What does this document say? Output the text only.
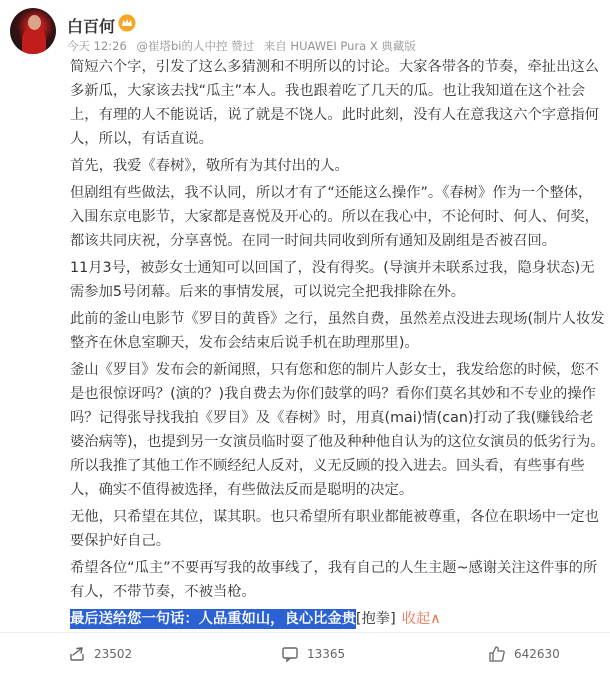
白百何
今天 12:26 @崔塔bi的人中控 赞过 来自 HUAWEI Pura X 典藏版

简短六个字，引发了这么多猜测和不明所以的讨论。大家各带各的节奏，牵扯出这么多新瓜，大家该去找“瓜主”本人。我也跟着吃了几天的瓜。也让我知道在这个社会上，有理的人不能说话，说了就是不饶人。此时此刻，没有人在意我这六个字意指何人，所以，有话直说。

首先，我爱《春树》，敬所有为其付出的人。

但剧组有些做法，我不认同，所以才有了“还能这么操作”。《春树》作为一个整体，入围东京电影节，大家都是喜悦及开心的。所以在我心中，不论何时、何人、何奖，都该共同庆祝，分享喜悦。在同一时间共同收到所有通知及剧组是否被召回。

11月3号，被彭女士通知可以回国了，没有得奖。(导演并未联系过我，隐身状态)无需参加5号闭幕。后来的事情发展，可以说完全把我排除在外。

此前的釜山电影节《罗目的黄昏》之行，虽然自费，虽然差点没进去现场(制片人妆发整齐在休息室聊天，发布会结束后说手机在助理那里)。

釜山《罗目》发布会的新闻照，只有您和您的制片人彭女士，我发给您的时候，您不是也很惊讶吗？(演的？)我自费去为你们鼓掌的吗？看你们莫名其妙和不专业的操作吗？记得张导找我拍《罗目》及《春树》时，用真(mai)情(can)打动了我(赚钱给老婆治病等)，也提到另一女演员临时耍了他及种种他自认为的这位女演员的低劣行为。所以我推了其他工作不顾经纪人反对，义无反顾的投入进去。回头看，有些事有些人，确实不值得被选择，有些做法反而是聪明的决定。

无他，只希望在其位，谋其职。也只希望所有职业都能被尊重，各位在职场中一定也要保护好自己。

希望各位“瓜主”不要再写我的故事线了，我有自己的人生主题~感谢关注这件事的所有人，不带节奏，不被当枪。

最后送给您一句话：人品重如山，良心比金贵[抱拳] 收起∧

23502	13365	642630
